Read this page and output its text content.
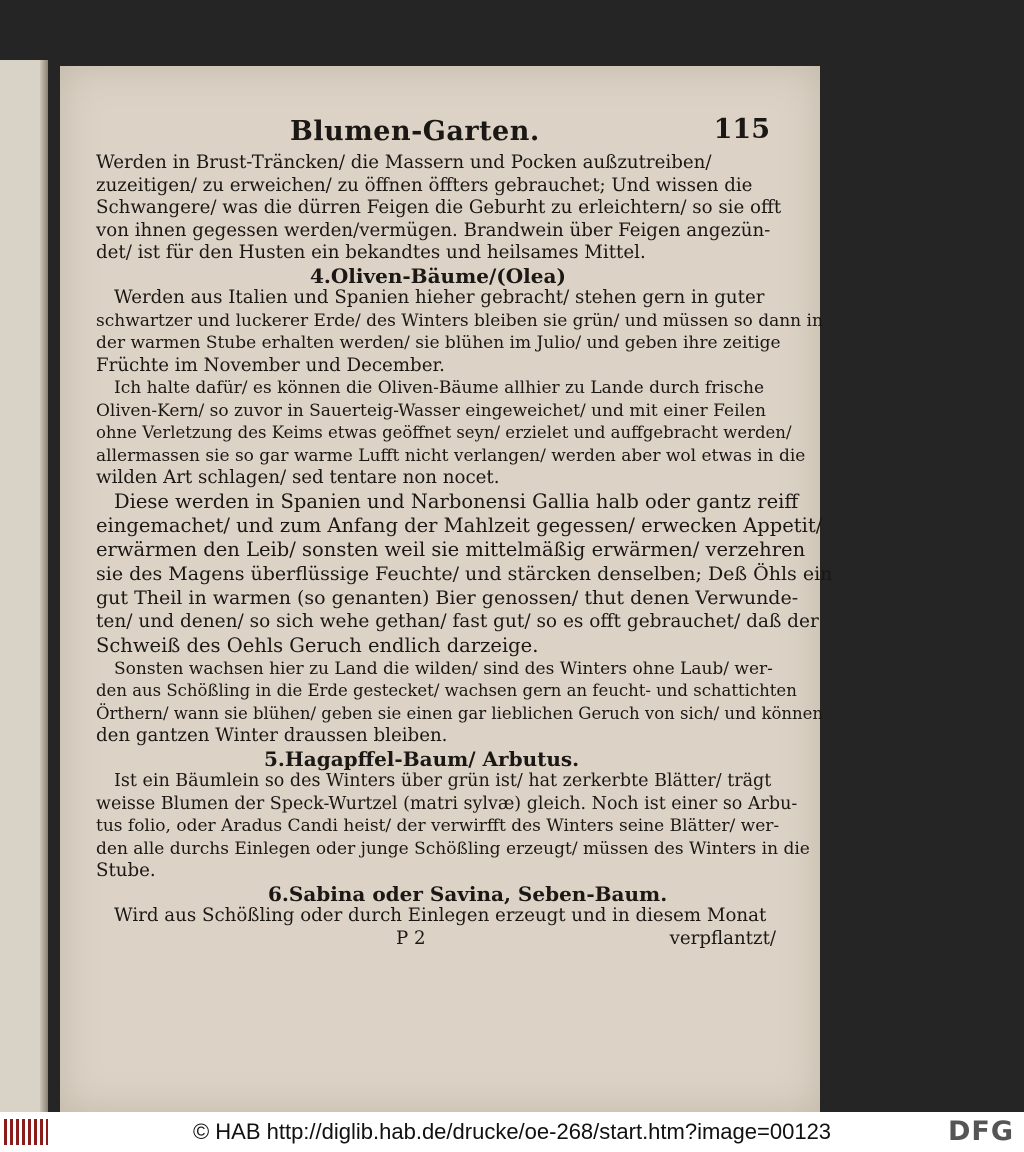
Blumen-Garten.	115
Werden in Brust-Träncken/ die Massern und Pocken außzutreiben/
zuzeitigen/ zu erweichen/ zu öffnen öffters gebrauchet; Und wissen die
Schwangere/ was die dürren Feigen die Geburht zu erleichtern/ so sie offt
von ihnen gegessen werden/vermügen. Brandwein über Feigen angezün-
det/ ist für den Husten ein bekandtes und heilsames Mittel.
4.Oliven-Bäume/(Olea)
Werden aus Italien und Spanien hieher gebracht/ stehen gern in guter
schwartzer und luckerer Erde/ des Winters bleiben sie grün/ und müssen so dann in
der warmen Stube erhalten werden/ sie blühen im Julio/ und geben ihre zeitige
Früchte im November und December.
Ich halte dafür/ es können die Oliven-Bäume allhier zu Lande durch frische
Oliven-Kern/ so zuvor in Sauerteig-Wasser eingeweichet/ und mit einer Feilen
ohne Verletzung des Keims etwas geöffnet seyn/ erzielet und auffgebracht werden/
allermassen sie so gar warme Lufft nicht verlangen/ werden aber wol etwas in die
wilden Art schlagen/ sed tentare non nocet.
Diese werden in Spanien und Narbonensi Gallia halb oder gantz reiff
eingemachet/ und zum Anfang der Mahlzeit gegessen/ erwecken Appetit/
erwärmen den Leib/ sonsten weil sie mittelmäßig erwärmen/ verzehren
sie des Magens überflüssige Feuchte/ und stärcken denselben; Deß Öhls ein
gut Theil in warmen (so genanten) Bier genossen/ thut denen Verwunde-
ten/ und denen/ so sich wehe gethan/ fast gut/ so es offt gebrauchet/ daß der
Schweiß des Oehls Geruch endlich darzeige.
Sonsten wachsen hier zu Land die wilden/ sind des Winters ohne Laub/ wer-
den aus Schößling in die Erde gestecket/ wachsen gern an feucht- und schattichten
Örthern/ wann sie blühen/ geben sie einen gar lieblichen Geruch von sich/ und können
den gantzen Winter draussen bleiben.
5.Hagapffel-Baum/ Arbutus.
Ist ein Bäumlein so des Winters über grün ist/ hat zerkerbte Blätter/ trägt
weisse Blumen der Speck-Wurtzel (matri sylvæ) gleich. Noch ist einer so Arbu-
tus folio, oder Aradus Candi heist/ der verwirfft des Winters seine Blätter/ wer-
den alle durchs Einlegen oder junge Schößling erzeugt/ müssen des Winters in die
Stube.
6.Sabina oder Savina, Seben-Baum.
Wird aus Schößling oder durch Einlegen erzeugt und in diesem Monat
P 2	verpflantzt/
© HAB http://diglib.hab.de/drucke/oe-268/start.htm?image=00123	DFG
